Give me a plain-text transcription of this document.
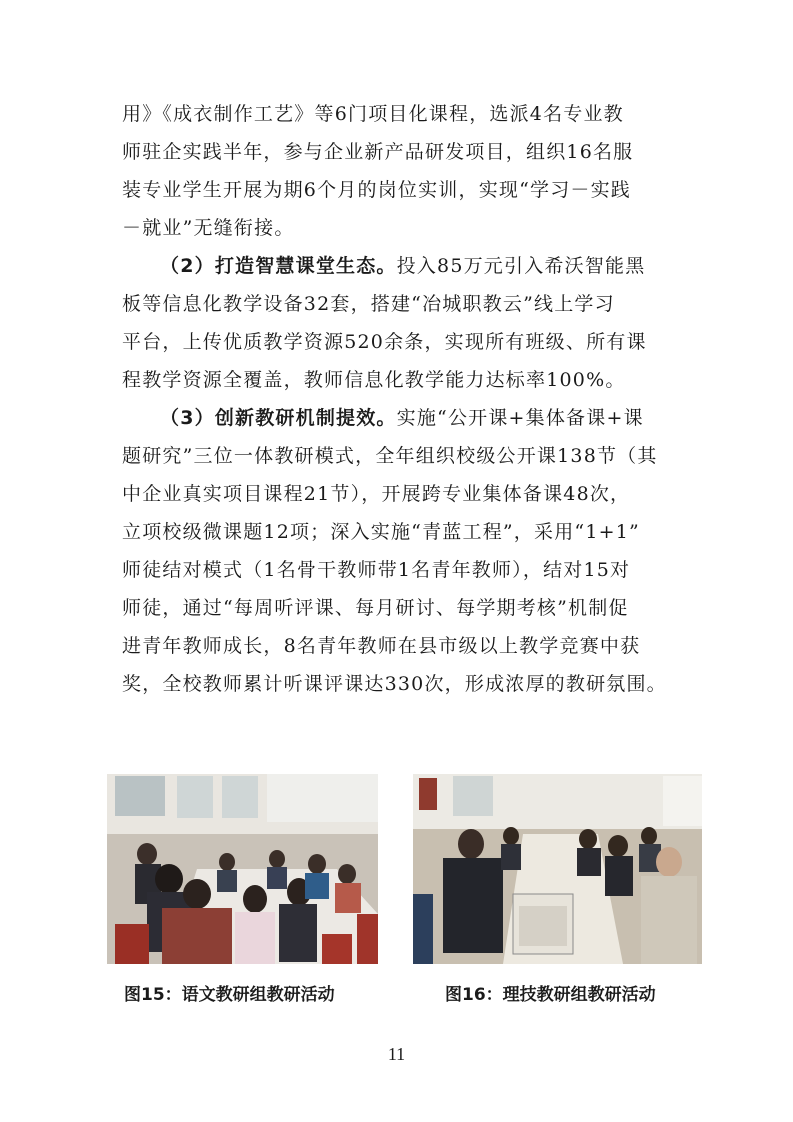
用》《成衣制作工艺》等6门项目化课程，选派4名专业教
师驻企实践半年，参与企业新产品研发项目，组织16名服
装专业学生开展为期6个月的岗位实训，实现“学习－实践
－就业”无缝衔接。

（2）打造智慧课堂生态。投入85万元引入希沃智能黑
板等信息化教学设备32套，搭建“冶城职教云”线上学习
平台，上传优质教学资源520余条，实现所有班级、所有课
程教学资源全覆盖，教师信息化教学能力达标率100%。

（3）创新教研机制提效。实施“公开课+集体备课+课
题研究”三位一体教研模式，全年组织校级公开课138节（其
中企业真实项目课程21节），开展跨专业集体备课48次，
立项校级微课题12项；深入实施“青蓝工程”，采用“1+1”
师徒结对模式（1名骨干教师带1名青年教师），结对15对
师徒，通过“每周听评课、每月研讨、每学期考核”机制促
进青年教师成长，8名青年教师在县市级以上教学竞赛中获
奖，全校教师累计听课评课达330次，形成浓厚的教研氛围。

图15：语文教研组教研活动	图16：理技教研组教研活动
11
